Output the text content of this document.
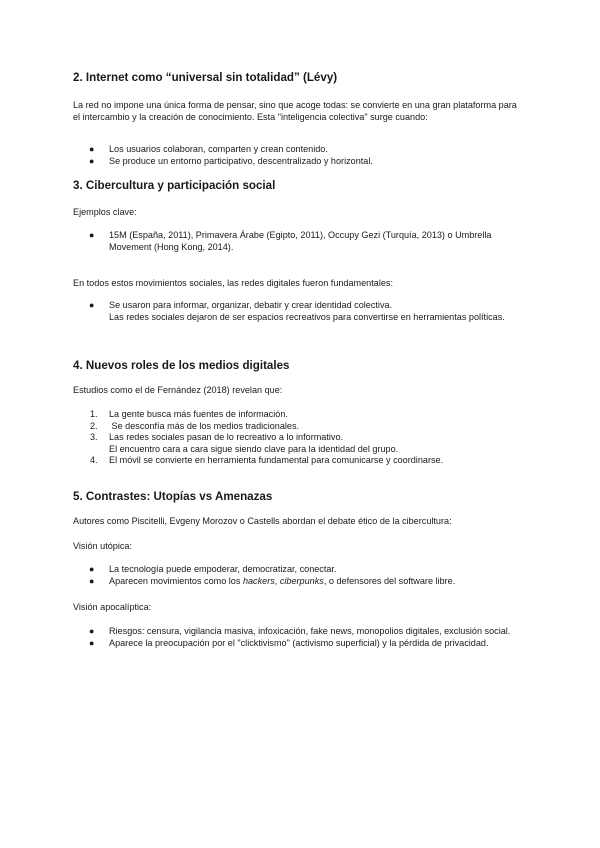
2. Internet como “universal sin totalidad” (Lévy)

La red no impone una única forma de pensar, sino que acoge todas: se convierte en una gran plataforma para el intercambio y la creación de conocimiento. Esta "inteligencia colectiva" surge cuando:

●	Los usuarios colaboran, comparten y crean contenido.
●	Se produce un entorno participativo, descentralizado y horizontal.
3. Cibercultura y participación social

Ejemplos clave:

●	15M (España, 2011), Primavera Árabe (Egipto, 2011), Occupy Gezi (Turquía, 2013) o Umbrella Movement (Hong Kong, 2014).

En todos estos movimientos sociales, las redes digitales fueron fundamentales:

●	Se usaron para informar, organizar, debatir y crear identidad colectiva.
Las redes sociales dejaron de ser espacios recreativos para convertirse en herramientas políticas.
4. Nuevos roles de los medios digitales

Estudios como el de Fernández (2018) revelan que:

1.	La gente busca más fuentes de información.
2.	Se desconfía más de los medios tradicionales.
3.	Las redes sociales pasan de lo recreativo a lo informativo.
El encuentro cara a cara sigue siendo clave para la identidad del grupo.
4.	El móvil se convierte en herramienta fundamental para comunicarse y coordinarse.
5. Contrastes: Utopías vs Amenazas

Autores como Piscitelli, Evgeny Morozov o Castells abordan el debate ético de la cibercultura:

Visión utópica:

●	La tecnología puede empoderar, democratizar, conectar.
●	Aparecen movimientos como los hackers, ciberpunks, o defensores del software libre.

Visión apocalíptica:

●	Riesgos: censura, vigilancia masiva, infoxicación, fake news, monopolios digitales, exclusión social.
●	Aparece la preocupación por el "clicktivismo" (activismo superficial) y la pérdida de privacidad.
